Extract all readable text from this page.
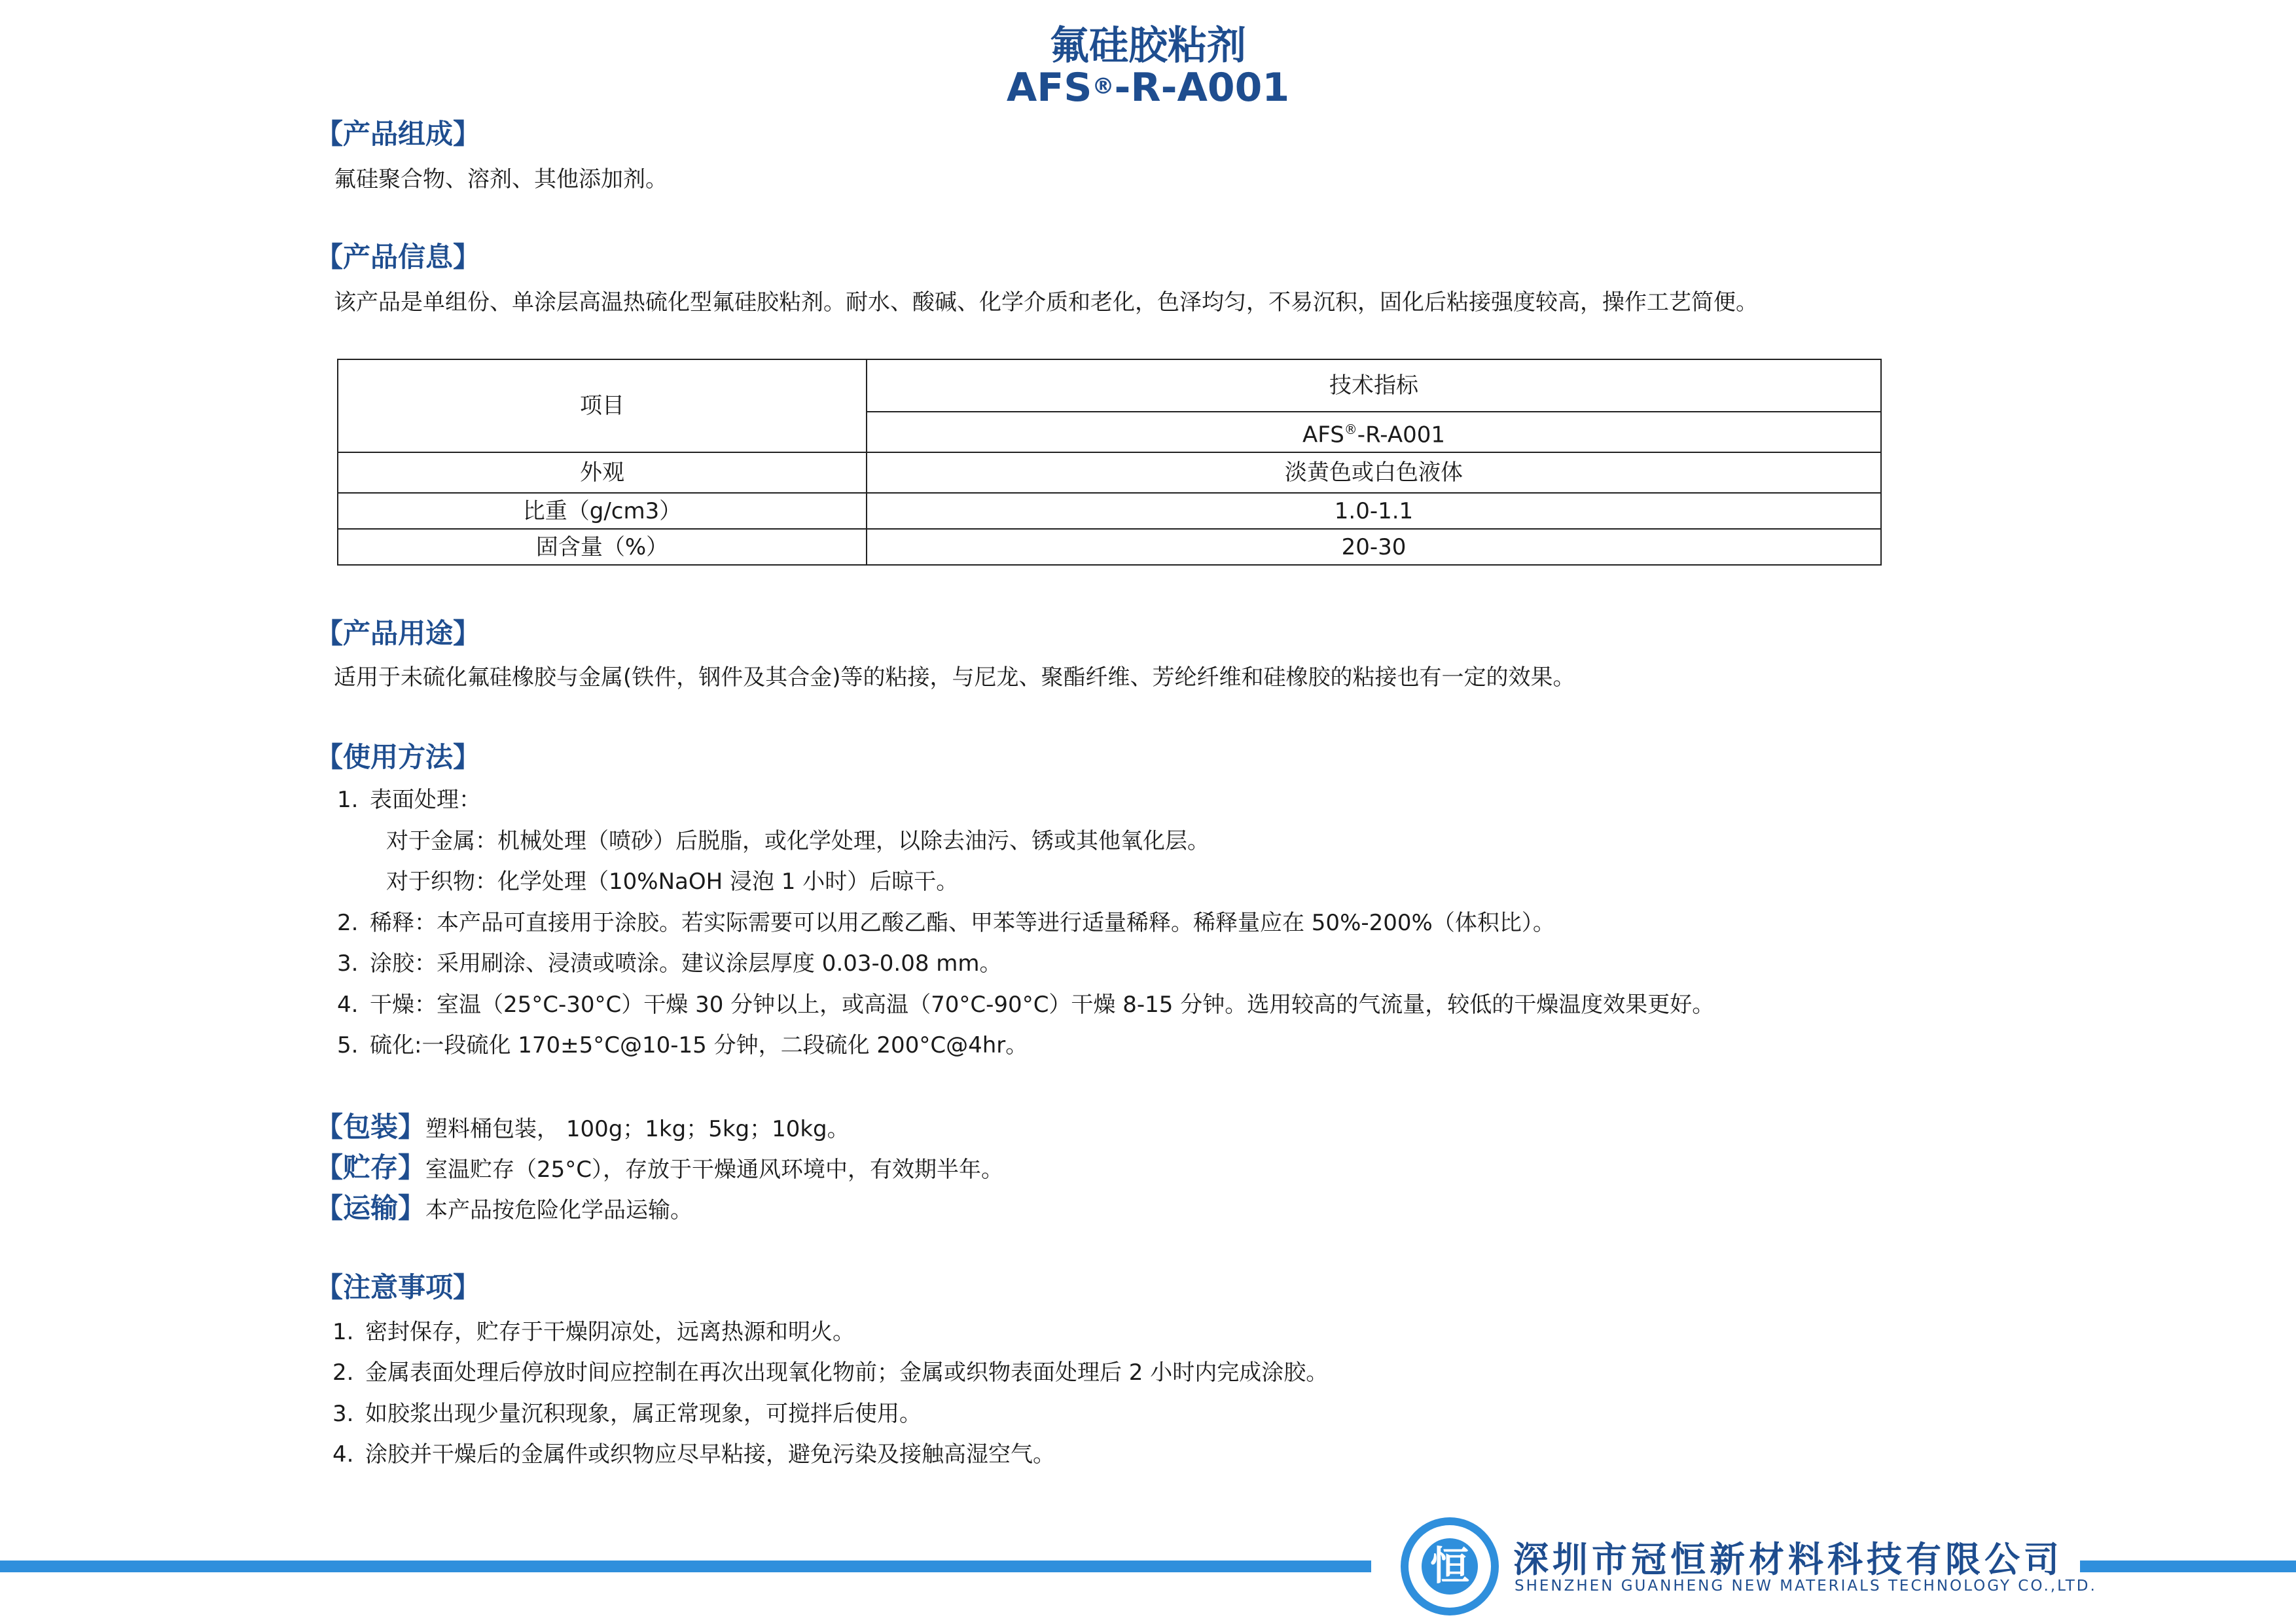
氟硅胶粘剂
AFS®-R-A001
【产品组成】
氟硅聚合物、溶剂、其他添加剂。
【产品信息】
该产品是单组份、单涂层高温热硫化型氟硅胶粘剂。耐水、酸碱、化学介质和老化，色泽均匀，不易沉积，固化后粘接强度较高，操作工艺简便。
项目	技术指标
	AFS®-R-A001
外观	淡黄色或白色液体
比重（g/cm3）	1.0-1.1
固含量（%）	20-30
【产品用途】
适用于未硫化氟硅橡胶与金属(铁件，钢件及其合金)等的粘接，与尼龙、聚酯纤维、芳纶纤维和硅橡胶的粘接也有一定的效果。
【使用方法】
1. 表面处理：
对于金属：机械处理（喷砂）后脱脂，或化学处理，以除去油污、锈或其他氧化层。
对于织物：化学处理（10%NaOH 浸泡 1 小时）后晾干。
2. 稀释：本产品可直接用于涂胶。若实际需要可以用乙酸乙酯、甲苯等进行适量稀释。稀释量应在 50%-200%（体积比）。
3. 涂胶：采用刷涂、浸渍或喷涂。建议涂层厚度 0.03-0.08 mm。
4. 干燥：室温（25°C-30°C）干燥 30 分钟以上，或高温（70°C-90°C）干燥 8-15 分钟。选用较高的气流量，较低的干燥温度效果更好。
5. 硫化:一段硫化 170±5°C@10-15 分钟，二段硫化 200°C@4hr。
【包装】塑料桶包装， 100g；1kg；5kg；10kg。
【贮存】室温贮存（25°C），存放于干燥通风环境中，有效期半年。
【运输】本产品按危险化学品运输。
【注意事项】
1. 密封保存，贮存于干燥阴凉处，远离热源和明火。
2. 金属表面处理后停放时间应控制在再次出现氧化物前；金属或织物表面处理后 2 小时内完成涂胶。
3. 如胶浆出现少量沉积现象，属正常现象，可搅拌后使用。
4. 涂胶并干燥后的金属件或织物应尽早粘接，避免污染及接触高湿空气。
恒 深圳市冠恒新材料科技有限公司
SHENZHEN GUANHENG NEW MATERIALS TECHNOLOGY CO.,LTD.
